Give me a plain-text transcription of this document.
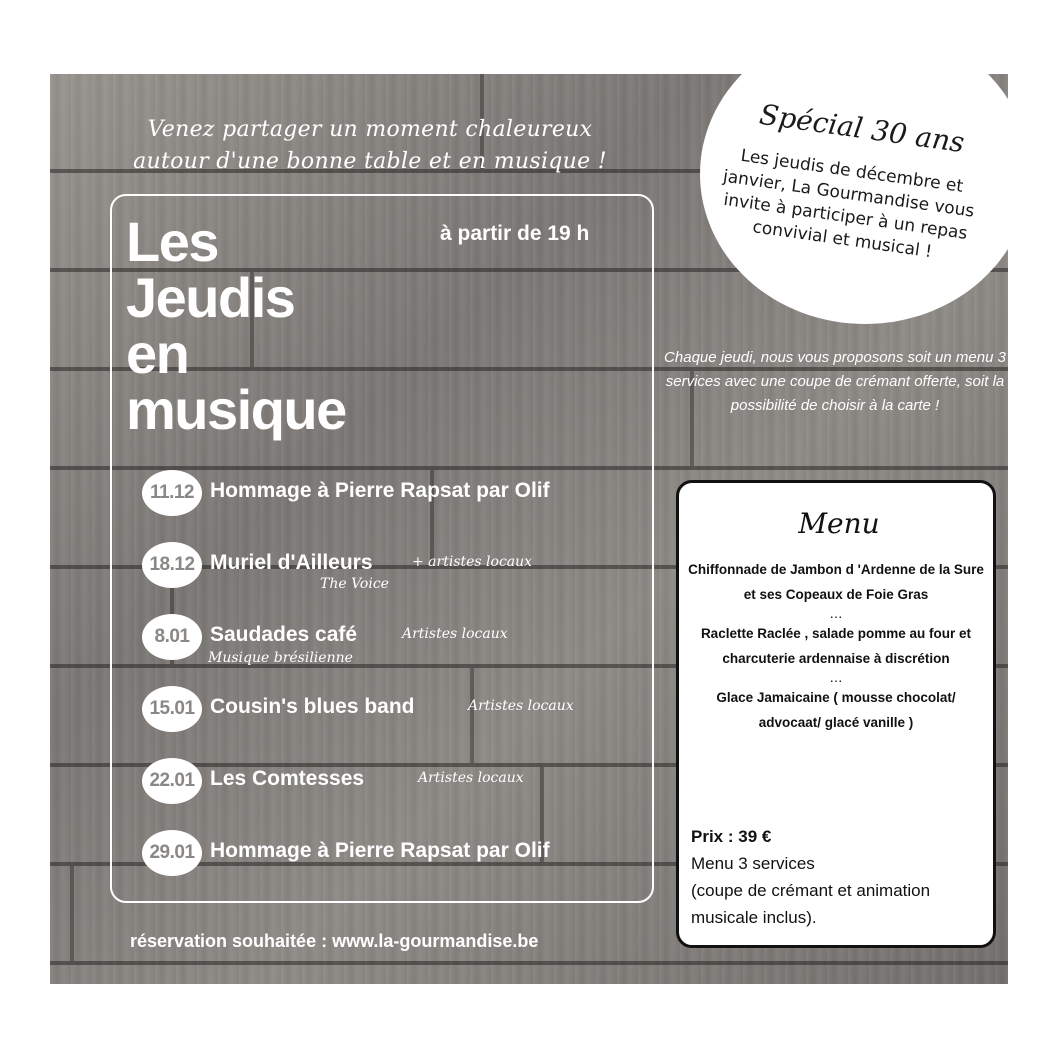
Venez partager un moment chaleureux
autour d'une bonne table et en musique !
Les
Jeudis
en
musique
à partir de 19 h
11.12 Hommage à Pierre Rapsat par Olif
18.12 Muriel d'Ailleurs	+ artistes locaux
The Voice
8.01 Saudades café	Artistes locaux
Musique brésilienne
15.01 Cousin's blues band	Artistes locaux
22.01 Les Comtesses	Artistes locaux
29.01 Hommage à Pierre Rapsat par Olif
réservation souhaitée : www.la-gourmandise.be
Spécial 30 ans
Les jeudis de décembre et janvier, La Gourmandise vous invite à participer à un repas convivial et musical !
Chaque jeudi, nous vous proposons soit un menu 3 services avec une coupe de crémant offerte, soit la possibilité de choisir à la carte !
Menu
Chiffonnade de Jambon d 'Ardenne de la Sure et ses Copeaux de Foie Gras
…
Raclette Raclée , salade pomme au four et charcuterie ardennaise à discrétion
…
Glace Jamaicaine ( mousse chocolat/ advocaat/ glacé vanille )
Prix : 39 €
Menu 3 services
(coupe de crémant et animation musicale inclus).
